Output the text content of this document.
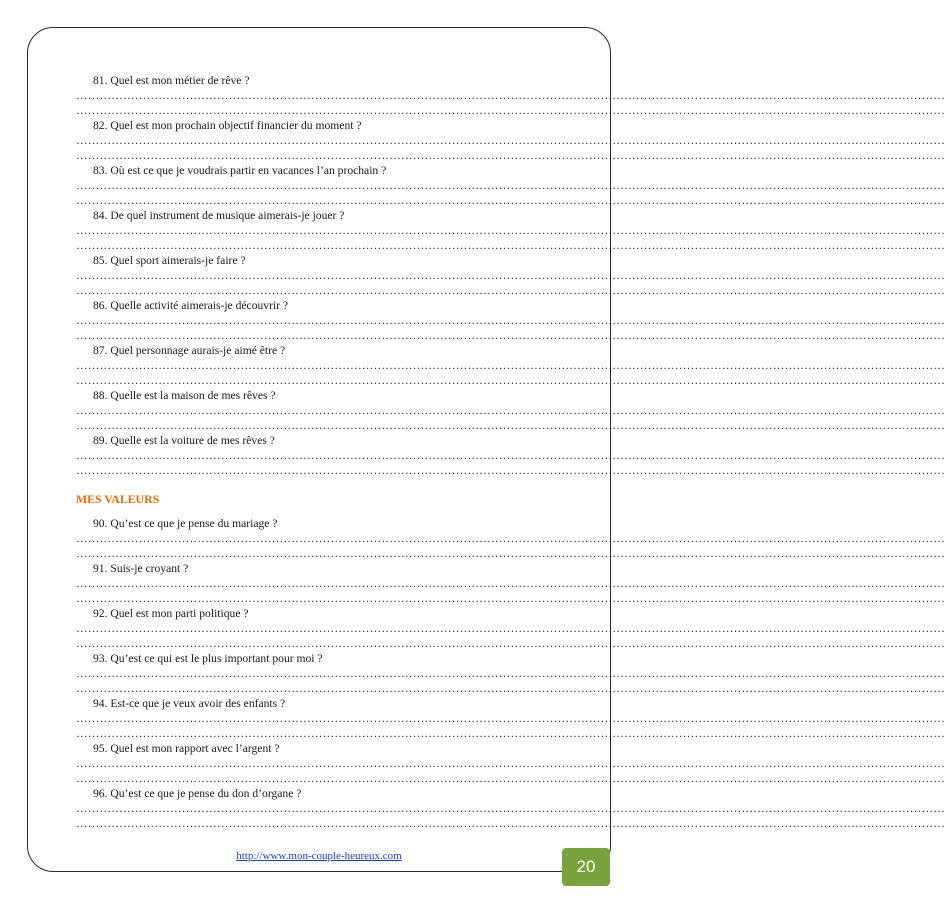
81. Quel est mon métier de rêve ?
……………………………………………………………………………………………………………………………………………………………………………………………………
……………………………………………………………………………………………………………………………………………………………………………………………………
82. Quel est mon prochain objectif financier du moment ?
……………………………………………………………………………………………………………………………………………………………………………………………………
……………………………………………………………………………………………………………………………………………………………………………………………………
83. Où est ce que je voudrais partir en vacances l’an prochain ?
……………………………………………………………………………………………………………………………………………………………………………………………………
……………………………………………………………………………………………………………………………………………………………………………………………………
84. De quel instrument de musique aimerais-je jouer ?
……………………………………………………………………………………………………………………………………………………………………………………………………
……………………………………………………………………………………………………………………………………………………………………………………………………
85. Quel sport aimerais-je faire ?
……………………………………………………………………………………………………………………………………………………………………………………………………
……………………………………………………………………………………………………………………………………………………………………………………………………
86. Quelle activité aimerais-je découvrir ?
……………………………………………………………………………………………………………………………………………………………………………………………………
……………………………………………………………………………………………………………………………………………………………………………………………………
87. Quel personnage aurais-je aimé être ?
……………………………………………………………………………………………………………………………………………………………………………………………………
……………………………………………………………………………………………………………………………………………………………………………………………………
88. Quelle est la maison de mes rêves ?
……………………………………………………………………………………………………………………………………………………………………………………………………
……………………………………………………………………………………………………………………………………………………………………………………………………
89. Quelle est la voiture de mes rêves ?
……………………………………………………………………………………………………………………………………………………………………………………………………
……………………………………………………………………………………………………………………………………………………………………………………………………
MES VALEURS
90. Qu’est ce que je pense du mariage ?
……………………………………………………………………………………………………………………………………………………………………………………………………
……………………………………………………………………………………………………………………………………………………………………………………………………
91. Suis-je croyant ?
……………………………………………………………………………………………………………………………………………………………………………………………………
……………………………………………………………………………………………………………………………………………………………………………………………………
92. Quel est mon parti politique ?
……………………………………………………………………………………………………………………………………………………………………………………………………
……………………………………………………………………………………………………………………………………………………………………………………………………
93. Qu’est ce qui est le plus important pour moi ?
……………………………………………………………………………………………………………………………………………………………………………………………………
……………………………………………………………………………………………………………………………………………………………………………………………………
94. Est-ce que je veux avoir des enfants ?
……………………………………………………………………………………………………………………………………………………………………………………………………
……………………………………………………………………………………………………………………………………………………………………………………………………
95. Quel est mon rapport avec l’argent ?
……………………………………………………………………………………………………………………………………………………………………………………………………
……………………………………………………………………………………………………………………………………………………………………………………………………
96. Qu’est ce que je pense du don d’organe ?
……………………………………………………………………………………………………………………………………………………………………………………………………
……………………………………………………………………………………………………………………………………………………………………………………………………
http://www.mon-couple-heureux.com
20
